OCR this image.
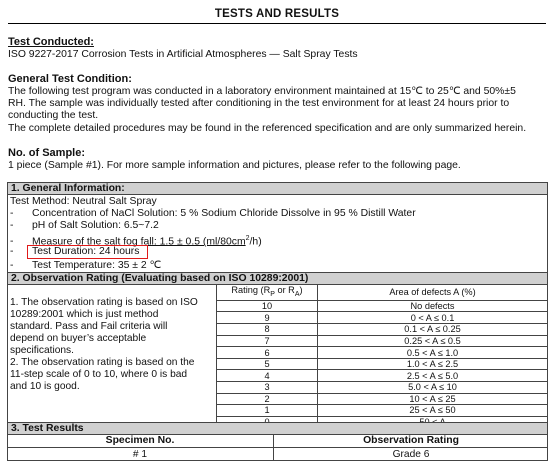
TESTS AND RESULTS
Test Conducted:
ISO 9227-2017 Corrosion Tests in Artificial Atmospheres — Salt Spray Tests
General Test Condition:
The following test program was conducted in a laboratory environment maintained at 15℃ to 25℃ and 50%±5
RH. The sample was individually tested after conditioning in the test environment for at least 24 hours prior to
conducting the test.
The complete detailed procedures may be found in the referenced specification and are only summarized herein.
No. of Sample:
1 piece (Sample #1). For more sample information and pictures, please refer to the following page.
1. General Information:
Test Method: Neutral Salt Spray
- Concentration of NaCl Solution: 5 % Sodium Chloride Dissolve in 95 % Distill Water
- pH of Salt Solution: 6.5~7.2
- Measure of the salt fog fall: 1.5 ± 0.5 $(ml/80cm^2/h)$
- Test Duration: 24 hours
- Test Temperature: 35 ± 2 ℃
2. Observation Rating (Evaluating based on ISO 10289:2001)
1. The observation rating is based on ISO
10289:2001 which is just method
standard. Pass and Fail criteria will
depend on buyer’s acceptable
specifications.
2. The observation rating is based on the
11-step scale of 0 to 10, where 0 is bad
and 10 is good.
Rating ($R_P$ or $R_A$)	Area of defects A (%)
10	No defects
9	0 < A ≤ 0.1
8	0.1 < A ≤ 0.25
7	0.25 < A ≤ 0.5
6	0.5 < A ≤ 1.0
5	1.0 < A ≤ 2.5
4	2.5 < A ≤ 5.0
3	5.0 < A ≤ 10
2	10 < A ≤ 25
1	25 < A ≤ 50

3. Test Results
Specimen No.	Observation Rating
# 1	Grade 6
